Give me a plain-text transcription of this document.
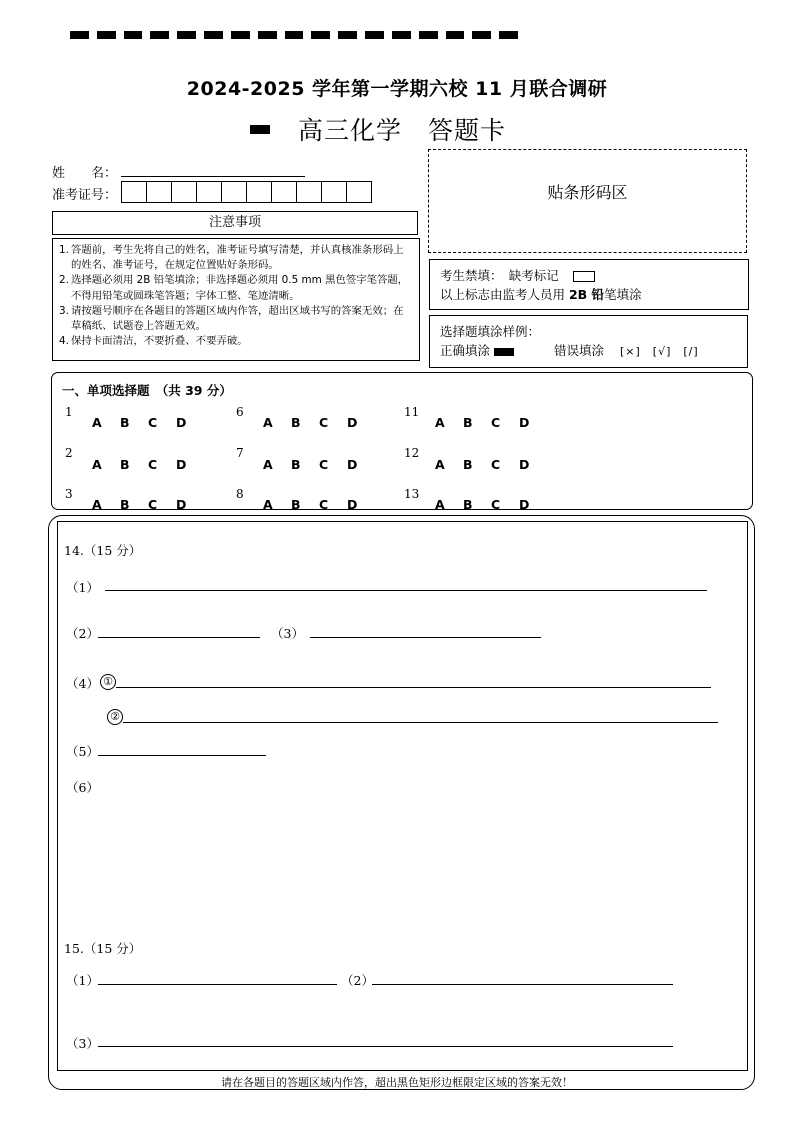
2024-2025 学年第一学期六校 11 月联合调研
高三化学 答题卡
姓　　名：
准考证号：
注意事项
1. 答题前，考生先将自己的姓名，准考证号填写清楚，并认真核准条形码上的姓名、准考证号，在规定位置贴好条形码。
2. 选择题必须用 2B 铅笔填涂；非选择题必须用 0.5 mm 黑色签字笔答题，不得用铅笔或圆珠笔答题；字体工整、笔迹清晰。
3. 请按题号顺序在各题目的答题区域内作答，超出区域书写的答案无效；在草稿纸、试题卷上答题无效。
4. 保持卡面清洁，不要折叠、不要弄破。
贴条形码区
考生禁填：　缺考标记
以上标志由监考人员用 2B 铅笔填涂
选择题填涂样例：
正确填涂	错误填涂 [×]　[√]　[/]
一、单项选择题　（共 39 分）
1
A B C D
2
A B C D
3
A B C D
6
A B C D
7
A B C D
8
A B C D
11
A B C D
12
A B C D
13
A B C D
14.（15 分）
（1）
（2）	（3）
（4） ①
②
（5）
（6）
15.（15 分）
（1）	（2）
（3）
请在各题目的答题区域内作答，超出黑色矩形边框限定区域的答案无效！
